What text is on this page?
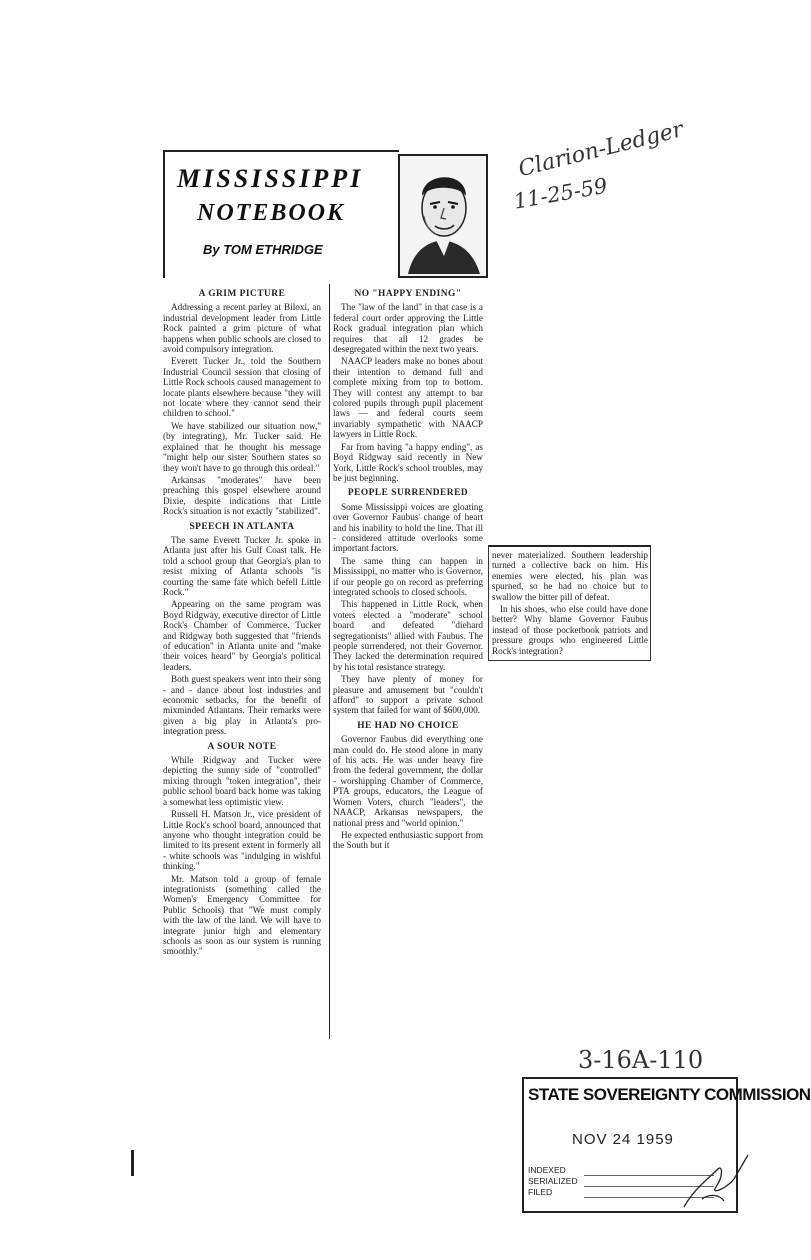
Clarion-Ledger
11-25-59
MISSISSIPPI
NOTEBOOK
By TOM ETHRIDGE
A GRIM PICTURE

Addressing a recent parley at Biloxi, an industrial development leader from Little Rock painted a grim picture of what happens when public schools are closed to avoid compulsory integration.

Everett Tucker Jr., told the Southern Industrial Council session that closing of Little Rock schools caused management to locate plants elsewhere because "they will not locate where they cannot send their children to school."

We have stabilized our situation now," (by integrating), Mr. Tucker said. He explained that he thought his message "might help our sister Southern states so they won't have to go through this ordeal."

Arkansas "moderates" have been preaching this gospel elsewhere around Dixie, despite indications that Little Rock's situation is not exactly "stabilized".

SPEECH IN ATLANTA

The same Everett Tucker Jr. spoke in Atlanta just after his Gulf Coast talk. He told a school group that Georgia's plan to resist mixing of Atlanta schools "is courting the same fate which befell Little Rock."

Appearing on the same program was Boyd Ridgway, executive director of Little Rock's Chamber of Commerce. Tucker and Ridgway both suggested that "friends of education" in Atlanta unite and "make their voices heard" by Georgia's political leaders.

Both guest speakers went into their song - and - dance about lost industries and economic setbacks, for the benefit of mixminded Atlantans. Their remarks were given a big play in Atlanta's pro-integration press.

A SOUR NOTE

While Ridgway and Tucker were depicting the sunny side of "controlled" mixing through "token integration", their public school board back home was taking a somewhat less optimistic view.

Russell H. Matson Jr., vice president of Little Rock's school board, announced that anyone who thought integration could be limited to its present extent in formerly all - white schools was "indulging in wishful thinking."

Mr. Matson told a group of female integrationists (something called the Women's Emergency Committee for Public Schools) that "We must comply with the law of the land. We will have to integrate junior high and elementary schools as soon as our system is running smoothly."

NO "HAPPY ENDING"

The "law of the land" in that case is a federal court order approving the Little Rock gradual integration plan which requires that all 12 grades be desegregated within the next two years.

NAACP leaders make no bones about their intention to demand full and complete mixing from top to bottom. They will contest any attempt to bar colored pupils through pupil placement laws — and federal courts seem invariably sympathetic with NAACP lawyers in Little Rock.

Far from having "a happy ending", as Boyd Ridgway said recently in New York, Little Rock's school troubles, may be just beginning.

PEOPLE SURRENDERED

Some Mississippi voices are gloating over Governor Faubus' change of heart and his inability to hold the line. That ill - considered attitude overlooks some important factors.

The same thing can happen in Mississippi, no matter who is Governor, if our people go on record as preferring integrated schools to closed schools.

This happened in Little Rock, when voters elected a "moderate" school board and defeated "diehard segregationists" allied with Faubus. The people surrendered, not their Governor. They lacked the determination required by his total resistance strategy.

They have plenty of money for pleasure and amusement but "couldn't afford" to support a private school system that failed for want of $600,000.

HE HAD NO CHOICE

Governor Faubus did everything one man could do. He stood alone in many of his acts. He was under heavy fire from the federal government, the dollar - worshipping Chamber of Commerce, PTA groups, educators, the League of Women Voters, church "leaders", the NAACP, Arkansas newspapers, the national press and "world opinion."

He expected enthusiastic support from the South but it

never materialized. Southern leadership turned a collective back on him. His enemies were elected, his plan was spurned, so he had no choice but to swallow the bitter pill of defeat.

In his shoes, who else could have done better? Why blame Governor Faubus instead of those pocketbook patriots and pressure groups who engineered Little Rock's integration?

3-16A-110
STATE SOVEREIGNTY COMMISSION
NOV 24 1959
INDEXED
SERIALIZED
FILED
